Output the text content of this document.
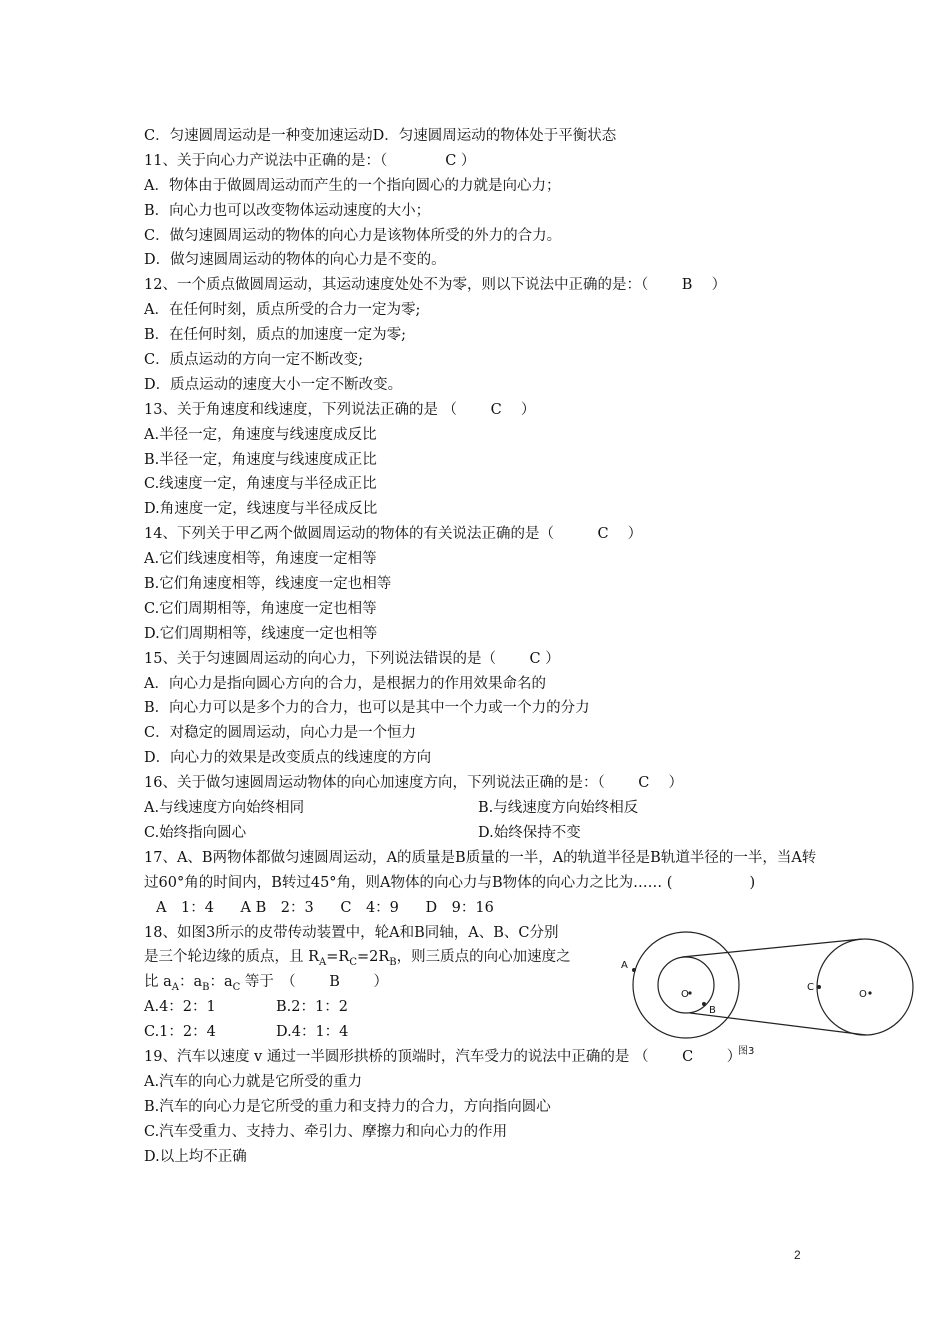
C．匀速圆周运动是一种变加速运动D．匀速圆周运动的物体处于平衡状态
11、关于向心力产说法中正确的是：（　　　　C ）
A．物体由于做圆周运动而产生的一个指向圆心的力就是向心力；
B．向心力也可以改变物体运动速度的大小；
C．做匀速圆周运动的物体的向心力是该物体所受的外力的合力。
D．做匀速圆周运动的物体的向心力是不变的。
12、一个质点做圆周运动，其运动速度处处不为零，则以下说法中正确的是：（　　 B　 ）
A．在任何时刻，质点所受的合力一定为零;
B．在任何时刻，质点的加速度一定为零;
C．质点运动的方向一定不断改变;
D．质点运动的速度大小一定不断改变。
13、关于角速度和线速度，下列说法正确的是 （　　 C　 ）
A.半径一定，角速度与线速度成反比
B.半径一定，角速度与线速度成正比
C.线速度一定，角速度与半径成正比
D.角速度一定，线速度与半径成反比
14、下列关于甲乙两个做圆周运动的物体的有关说法正确的是（　　　C　 ）
A.它们线速度相等，角速度一定相等
B.它们角速度相等，线速度一定也相等
C.它们周期相等，角速度一定也相等
D.它们周期相等，线速度一定也相等
15、关于匀速圆周运动的向心力，下列说法错误的是（　　 C ）
A．向心力是指向圆心方向的合力，是根据力的作用效果命名的
B．向心力可以是多个力的合力，也可以是其中一个力或一个力的分力
C．对稳定的圆周运动，向心力是一个恒力
D．向心力的效果是改变质点的线速度的方向
16、关于做匀速圆周运动物体的向心加速度方向，下列说法正确的是：（　　 C　 ）
A.与线速度方向始终相同	B.与线速度方向始终相反
C.始终指向圆心	D.始终保持不变
17、A、B两物体都做匀速圆周运动，A的质量是B质量的一半，A的轨道半径是B轨道半径的一半，当A转过60°角的时间内，B转过45°角，则A物体的向心力与B物体的向心力之比为…… (　　　　　 )
A　1：4 A B　2：3 C　4：9 D　9：16
18、如图3所示的皮带传动装置中，轮A和B同轴，A、B、C分别
是三个轮边缘的质点，且 $R_A=R_C=2R_B$，则三质点的向心加速度之
比 $a_A$：$a_B$：$a_C$ 等于　（　　 B　　 ）
A.4：2：1	B.2：1：2
C.1：2：4	D.4：1：4
19、汽车以速度 v 通过一半圆形拱桥的顶端时，汽车受力的说法中正确的是 （　　 C　　 ）
A.汽车的向心力就是它所受的重力
B.汽车的向心力是它所受的重力和支持力的合力，方向指向圆心
C.汽车受重力、支持力、牵引力、摩擦力和向心力的作用
D.以上均不正确
A
O
B
C
O
图3
2
